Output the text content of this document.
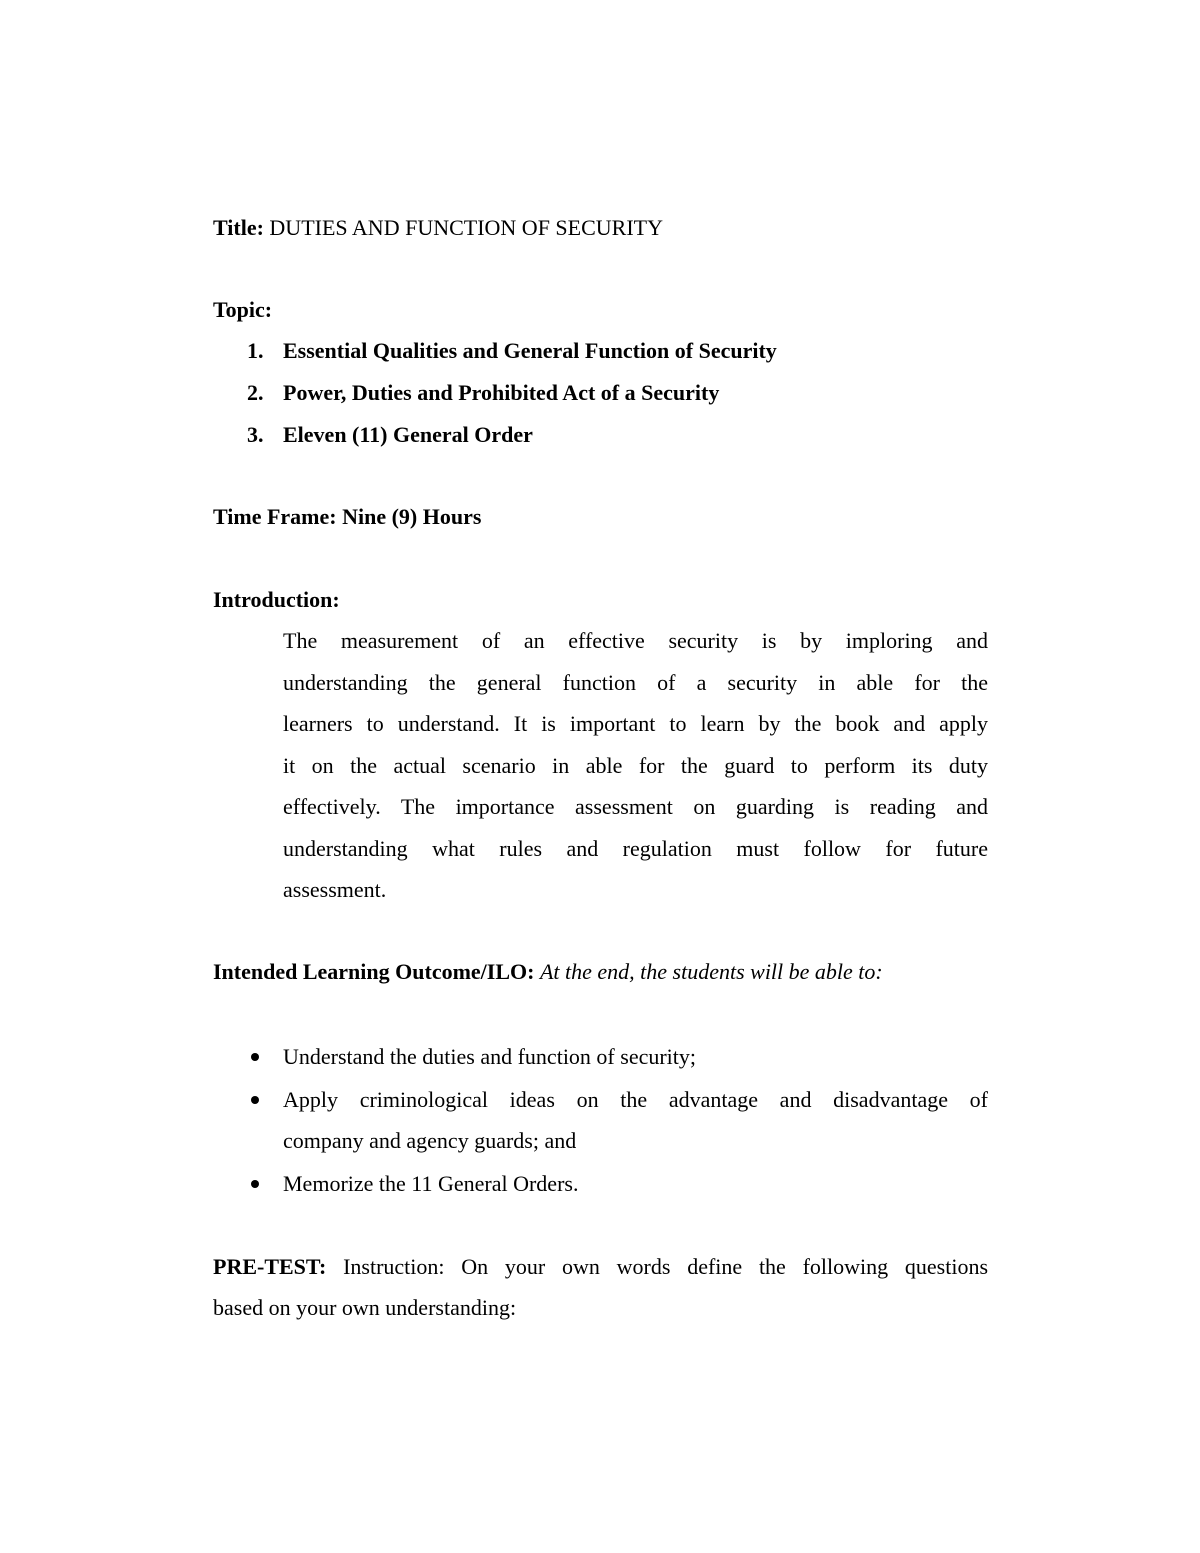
Title: DUTIES AND FUNCTION OF SECURITY
Topic:
1. Essential Qualities and General Function of Security
2. Power, Duties and Prohibited Act of a Security
3. Eleven (11) General Order
Time Frame: Nine (9) Hours
Introduction:
The measurement of an effective security is by imploring and
understanding the general function of a security in able for the
learners to understand. It is important to learn by the book and apply
it on the actual scenario in able for the guard to perform its duty
effectively. The importance assessment on guarding is reading and
understanding what rules and regulation must follow for future
assessment.
Intended Learning Outcome/ILO: At the end, the students will be able to:
Understand the duties and function of security;
Apply criminological ideas on the advantage and disadvantage of
company and agency guards; and
Memorize the 11 General Orders.
PRE-TEST: Instruction: On your own words define the following questions
based on your own understanding:
